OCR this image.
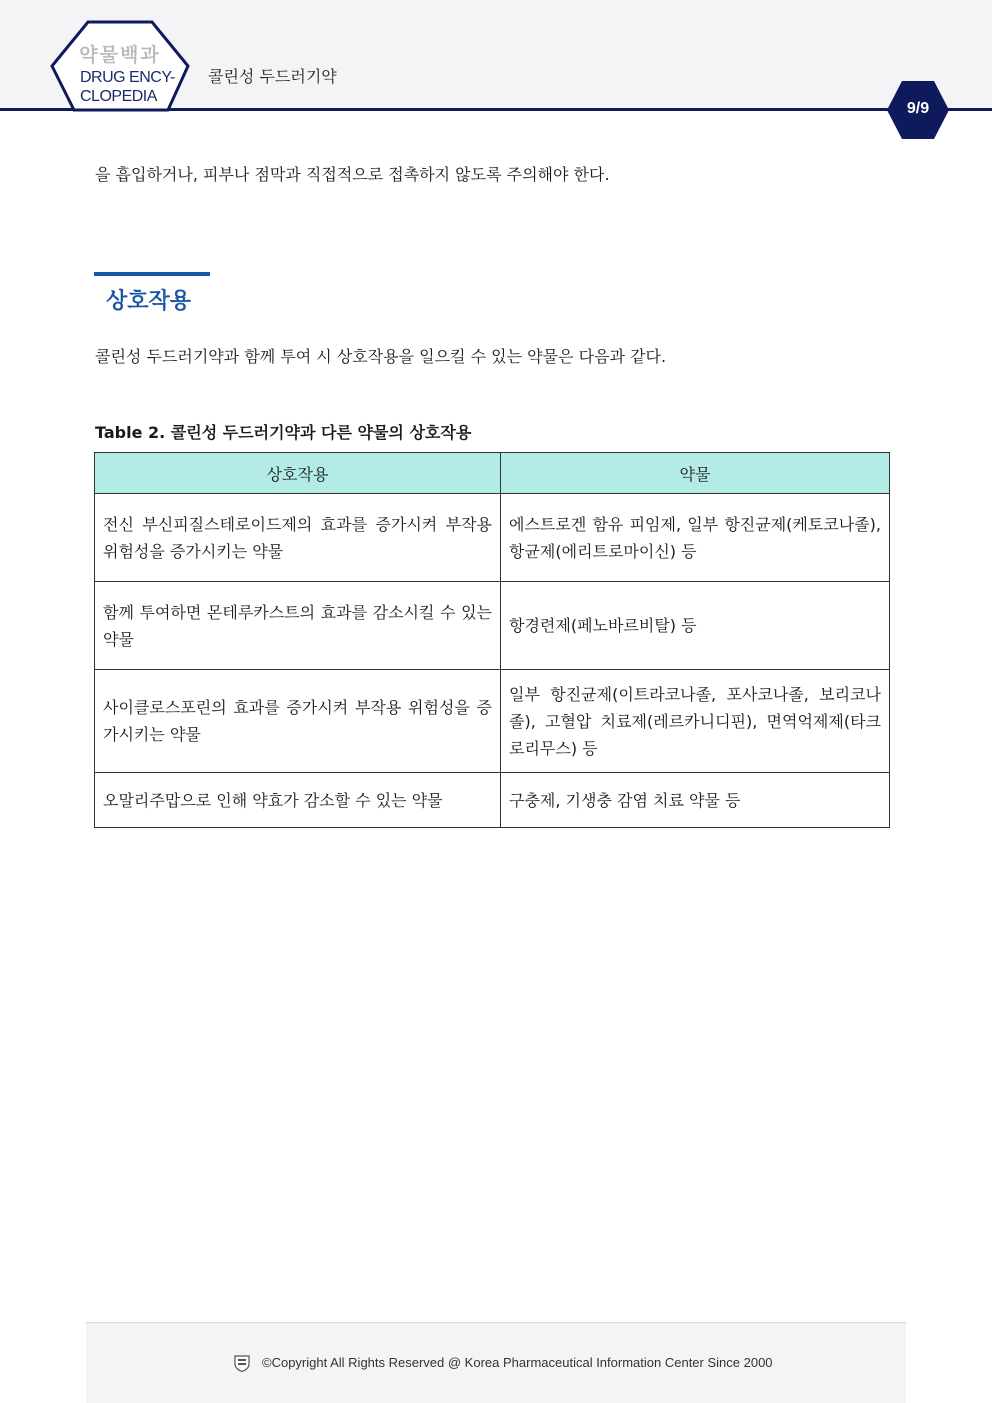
약물백과
DRUG ENCY-
CLOPEDIA
콜린성 두드러기약
9/9
을 흡입하거나, 피부나 점막과 직접적으로 접촉하지 않도록 주의해야 한다.
상호작용
콜린성 두드러기약과 함께 투여 시 상호작용을 일으킬 수 있는 약물은 다음과 같다.
Table 2. 콜린성 두드러기약과 다른 약물의 상호작용
상호작용	약물
전신 부신피질스테로이드제의 효과를 증가시켜 부작용 위험성을 증가시키는 약물	에스트로겐 함유 피임제, 일부 항진균제(케토코나졸), 항균제(에리트로마이신) 등
함께 투여하면 몬테루카스트의 효과를 감소시킬 수 있는 약물	항경련제(페노바르비탈) 등
사이클로스포린의 효과를 증가시켜 부작용 위험성을 증가시키는 약물	일부 항진균제(이트라코나졸, 포사코나졸, 보리코나졸), 고혈압 치료제(레르카니디핀), 면역억제제(타크로리무스) 등
오말리주맙으로 인해 약효가 감소할 수 있는 약물	구충제, 기생충 감염 치료 약물 등
©Copyright All Rights Reserved @ Korea Pharmaceutical Information Center Since 2000
